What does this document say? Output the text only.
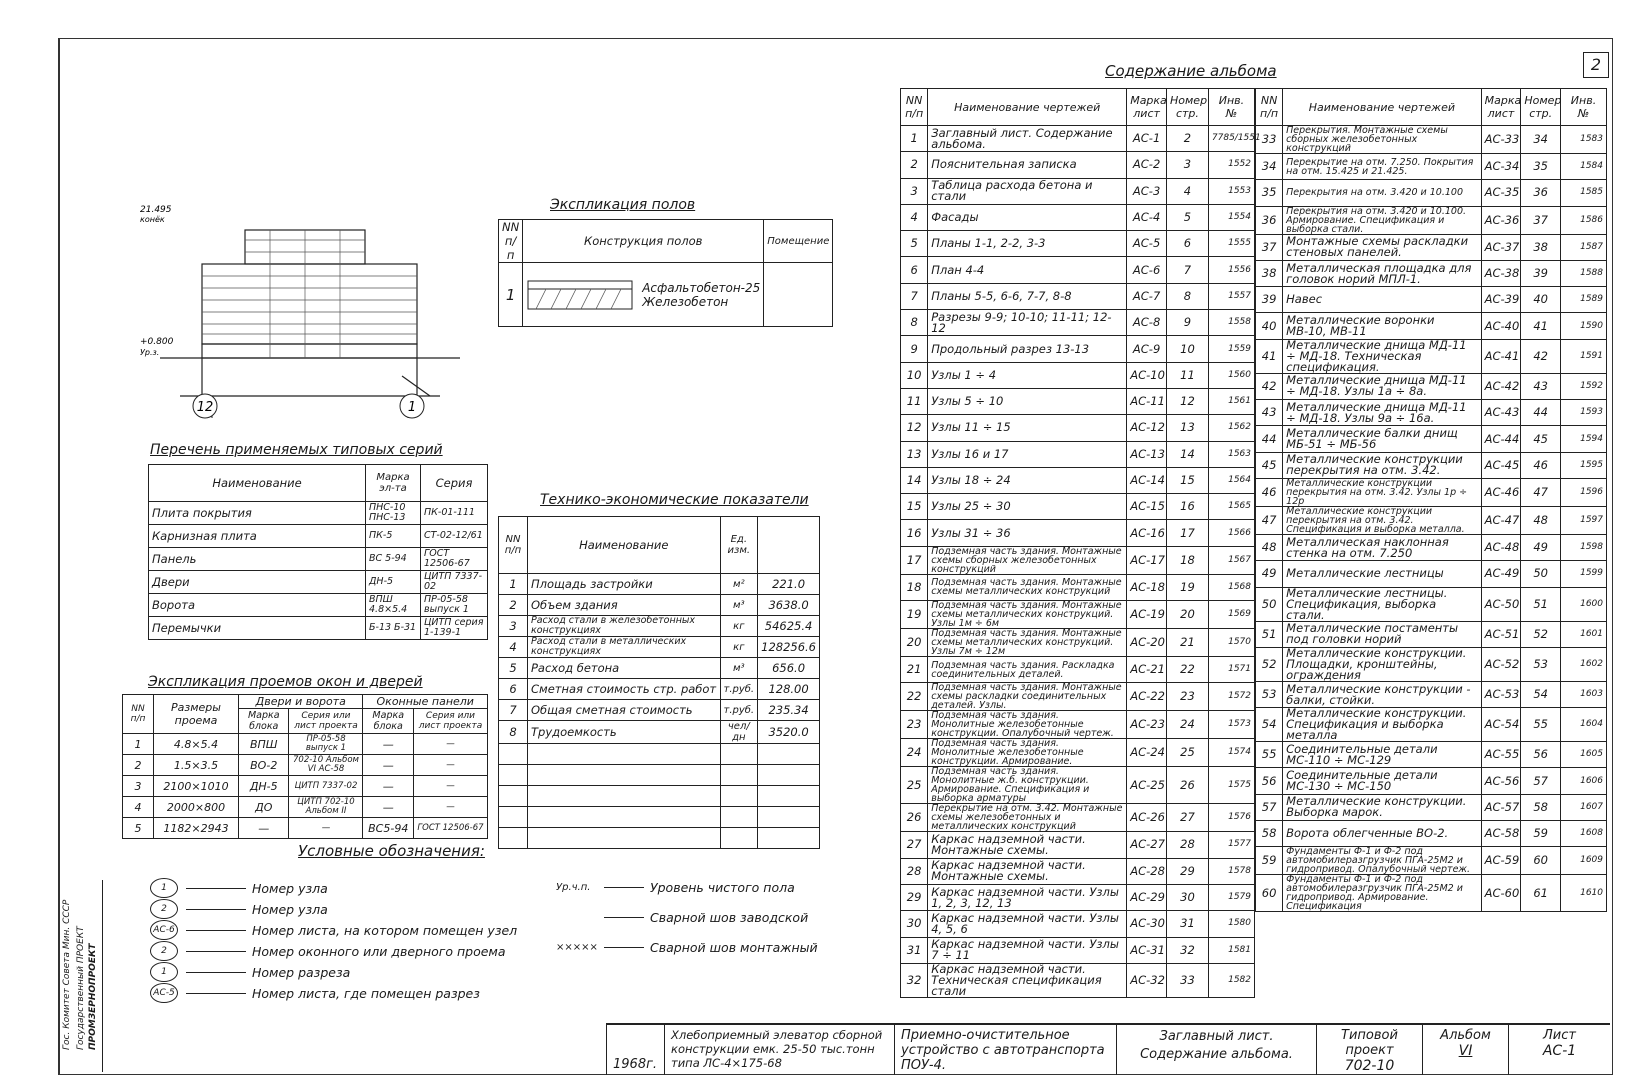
2
Гос. Комитет Совета Мин. СССР Государственный ПРОЕКТ ПРОМЗЕРНОПРОЕКТ
Содержание альбома
NN п/п	Наименование чертежей	Марка лист	Номер стр.	Инв. №
1	Заглавный лист. Содержание альбома.	АС-1	2	7785/1551
2	Пояснительная записка	АС-2	3	1552
3	Таблица расхода бетона и стали	АС-3	4	1553
4	Фасады	АС-4	5	1554
5	Планы 1-1, 2-2, 3-3	АС-5	6	1555
6	План 4-4	АС-6	7	1556
7	Планы 5-5, 6-6, 7-7, 8-8	АС-7	8	1557
8	Разрезы 9-9; 10-10; 11-11; 12-12	АС-8	9	1558
9	Продольный разрез 13-13	АС-9	10	1559
10	Узлы 1 ÷ 4	АС-10	11	1560
11	Узлы 5 ÷ 10	АС-11	12	1561
12	Узлы 11 ÷ 15	АС-12	13	1562
13	Узлы 16 и 17	АС-13	14	1563
14	Узлы 18 ÷ 24	АС-14	15	1564
15	Узлы 25 ÷ 30	АС-15	16	1565
16	Узлы 31 ÷ 36	АС-16	17	1566
17	Подземная часть здания. Монтажные схемы сборных железобетонных конструкций	АС-17	18	1567
18	Подземная часть здания. Монтажные схемы металлических конструкций	АС-18	19	1568
19	Подземная часть здания. Монтажные схемы металлических конструкций. Узлы 1м ÷ 6м	АС-19	20	1569
20	Подземная часть здания. Монтажные схемы металлических конструкций. Узлы 7м ÷ 12м	АС-20	21	1570
21	Подземная часть здания. Раскладка соединительных деталей.	АС-21	22	1571
22	Подземная часть здания. Монтажные схемы раскладки соединительных деталей. Узлы.	АС-22	23	1572
23	Подземная часть здания. Монолитные железобетонные конструкции. Опалубочный чертеж.	АС-23	24	1573
24	Подземная часть здания. Монолитные железобетонные конструкции. Армирование.	АС-24	25	1574
25	Подземная часть здания. Монолитные ж.б. конструкции. Армирование. Спецификация и выборка арматуры	АС-25	26	1575
26	Перекрытие на отм. 3.42. Монтажные схемы железобетонных и металлических конструкций	АС-26	27	1576
27	Каркас надземной части. Монтажные схемы.	АС-27	28	1577
28	Каркас надземной части. Монтажные схемы.	АС-28	29	1578
29	Каркас надземной части. Узлы 1, 2, 3, 12, 13	АС-29	30	1579
30	Каркас надземной части. Узлы 4, 5, 6	АС-30	31	1580
31	Каркас надземной части. Узлы 7 ÷ 11	АС-31	32	1581
32	Каркас надземной части. Техническая спецификация стали	АС-32	33	1582
NN п/п	Наименование чертежей	Марка лист	Номер стр.	Инв. №
33	Перекрытия. Монтажные схемы сборных железобетонных конструкций	АС-33	34	1583
34	Перекрытие на отм. 7.250. Покрытия на отм. 15.425 и 21.425.	АС-34	35	1584
35	Перекрытия на отм. 3.420 и 10.100	АС-35	36	1585
36	Перекрытия на отм. 3.420 и 10.100. Армирование. Спецификация и выборка стали.	АС-36	37	1586
37	Монтажные схемы раскладки стеновых панелей.	АС-37	38	1587
38	Металлическая площадка для головок норий МПЛ-1.	АС-38	39	1588
39	Навес	АС-39	40	1589
40	Металлические воронки МВ-10, МВ-11	АС-40	41	1590
41	Металлические днища МД-11 ÷ МД-18. Техническая спецификация.	АС-41	42	1591
42	Металлические днища МД-11 ÷ МД-18. Узлы 1а ÷ 8а.	АС-42	43	1592
43	Металлические днища МД-11 ÷ МД-18. Узлы 9а ÷ 16а.	АС-43	44	1593
44	Металлические балки днищ МБ-51 ÷ МБ-56	АС-44	45	1594
45	Металлические конструкции перекрытия на отм. 3.42.	АС-45	46	1595
46	Металлические конструкции перекрытия на отм. 3.42. Узлы 1р ÷ 12р	АС-46	47	1596
47	Металлические конструкции перекрытия на отм. 3.42. Спецификация и выборка металла.	АС-47	48	1597
48	Металлическая наклонная стенка на отм. 7.250	АС-48	49	1598
49	Металлические лестницы	АС-49	50	1599
50	Металлические лестницы. Спецификация, выборка стали.	АС-50	51	1600
51	Металлические постаменты под головки норий	АС-51	52	1601
52	Металлические конструкции. Площадки, кронштейны, ограждения	АС-52	53	1602
53	Металлические конструкции - балки, стойки.	АС-53	54	1603
54	Металлические конструкции. Спецификация и выборка металла	АС-54	55	1604
55	Соединительные детали МС-110 ÷ МС-129	АС-55	56	1605
56	Соединительные детали МС-130 ÷ МС-150	АС-56	57	1606
57	Металлические конструкции. Выборка марок.	АС-57	58	1607
58	Ворота облегченные ВО-2.	АС-58	59	1608
59	Фундаменты Ф-1 и Ф-2 под автомобилеразгрузчик ПГА-25М2 и гидропривод. Опалубочный чертеж.	АС-59	60	1609
60	Фундаменты Ф-1 и Ф-2 под автомобилеразгрузчик ПГА-25М2 и гидропривод. Армирование. Спецификация	АС-60	61	1610
12	1
21.495
конёк
+0.800
Ур.з.
Экспликация полов
NN п/п	Конструкция полов	Помещение
1	Асфальтобетон-25
Железобетон	

Перечень применяемых типовых серий
Наименование	Марка эл-та	Серия
Плита покрытия	ПНС-10 ПНС-13	ПК-01-111
Карнизная плита	ПК-5	СТ-02-12/61
Панель	ВС 5-94	ГОСТ 12506-67
Двери	ДН-5	ЦИТП 7337-02
Ворота	ВПШ 4.8×5.4	ПР-05-58 выпуск 1
Перемычки	Б-13 Б-31	ЦИТП серия 1-139-1
Экспликация проемов окон и дверей
NN п/п	Размеры проема	Двери и ворота		Оконные панели	
		Марка блока	Серия или лист проекта	Марка блока	Серия или лист проекта
1	4.8×5.4	ВПШ	ПР-05-58 выпуск 1	—	—
2	1.5×3.5	ВО-2	702-10 Альбом VI АС-58	—	—
3	2100×1010	ДН-5	ЦИТП 7337-02	—	—
4	2000×800	ДО	ЦИТП 702-10 Альбом II	—	—
5	1182×2943	—	—	ВС5-94	ГОСТ 12506-67
Технико-экономические показатели
NN п/п	Наименование	Ед. изм.	
1	Площадь застройки	м²	221.0
2	Объем здания	м³	3638.0
3	Расход стали в железобетонных конструкциях	кг	54625.4
4	Расход стали в металлических конструкциях	кг	128256.6
5	Расход бетона	м³	656.0
6	Сметная стоимость стр. работ	т.руб.	128.00
7	Общая сметная стоимость	т.руб.	235.34
8	Трудоемкость	чел/дн	3520.0

Условные обозначения:
1	Номер узла
2	Номер узла
АС-6	Номер листа, на котором помещен узел
2	Номер оконного или дверного проема
1	Номер разреза
АС-5	Номер листа, где помещен разрез
Ур.ч.п.	Уровень чистого пола
Сварной шов заводской
×××××	Сварной шов монтажный
1968г.
Хлебоприемный элеватор сборной конструкции емк. 25-50 тыс.тонн типа ЛС-4×175-68
Приемно-очистительное устройство с автотранспорта ПОУ-4.
Заглавный лист. Содержание альбома.
Типовой проект
702-10
Альбом
VI
Лист
АС-1
